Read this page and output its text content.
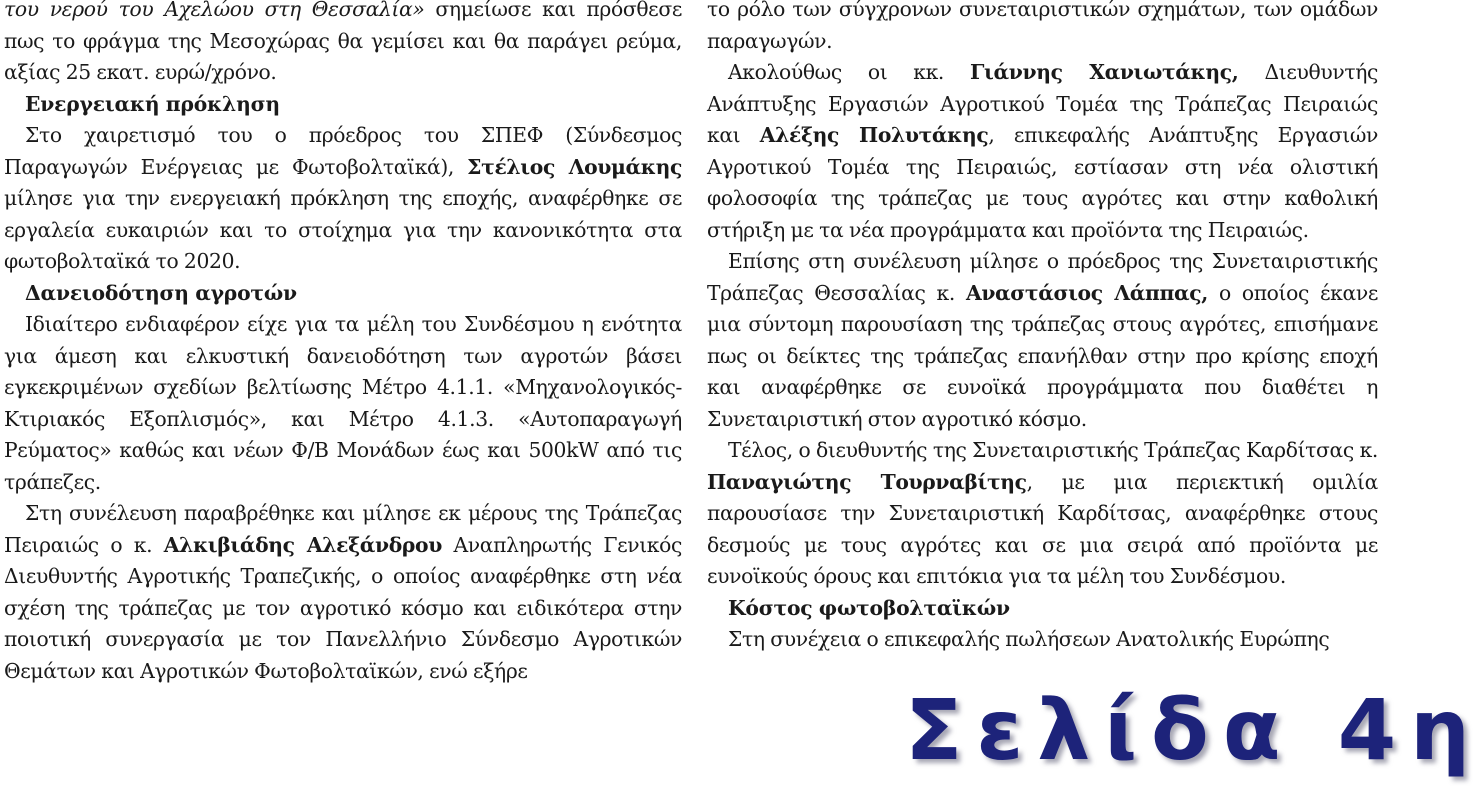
του νερού του Αχελώου στη Θεσσαλία» σημείωσε και πρόσθεσε πως το φράγμα της Μεσοχώρας θα γεμίσει και θα παράγει ρεύμα, αξίας 25 εκατ. ευρώ/χρόνο.

Ενεργειακή πρόκληση

Στο χαιρετισμό του ο πρόεδρος του ΣΠΕΦ (Σύνδεσμος Παραγωγών Ενέργειας με Φωτοβολταϊκά), Στέλιος Λουμάκης μίλησε για την ενεργειακή πρόκληση της εποχής, αναφέρθηκε σε εργαλεία ευκαιριών και το στοίχημα για την κανονικότητα στα φωτοβολταϊκά το 2020.

Δανειοδότηση αγροτών

Ιδιαίτερο ενδιαφέρον είχε για τα μέλη του Συνδέσμου η ενότητα για άμεση και ελκυστική δανειοδότηση των αγροτών βάσει εγκεκριμένων σχεδίων βελτίωσης Μέτρο 4.1.1. «Μηχανολογικός- Κτιριακός Εξοπλισμός», και Μέτρο 4.1.3. «Αυτοπαραγωγή Ρεύματος» καθώς και νέων Φ/Β Μονάδων έως και 500kW από τις τράπεζες.

Στη συνέλευση παραβρέθηκε και μίλησε εκ μέρους της Τράπεζας Πειραιώς ο κ. Αλκιβιάδης Αλεξάνδρου Αναπληρωτής Γενικός Διευθυντής Αγροτικής Τραπεζικής, ο οποίος αναφέρθηκε στη νέα σχέση της τράπεζας με τον αγροτικό κόσμο και ειδικότερα στην ποιοτική συνεργασία με τον Πανελλήνιο Σύνδεσμο Αγροτικών Θεμάτων και Αγροτικών Φωτοβολταϊκών, ενώ εξήρε

το ρόλο των σύγχρονων συνεταιριστικών σχημάτων, των ομάδων παραγωγών.

Ακολούθως οι κκ. Γιάννης Χανιωτάκης, Διευθυντής Ανάπτυξης Εργασιών Αγροτικού Τομέα της Τράπεζας Πειραιώς και Αλέξης Πολυτάκης, επικεφαλής Ανάπτυξης Εργασιών Αγροτικού Τομέα της Πειραιώς, εστίασαν στη νέα ολιστική φολοσοφία της τράπεζας με τους αγρότες και στην καθολική στήριξη με τα νέα προγράμματα και προϊόντα της Πειραιώς.

Επίσης στη συνέλευση μίλησε ο πρόεδρος της Συνεταιριστικής Τράπεζας Θεσσαλίας κ. Αναστάσιος Λάππας, ο οποίος έκανε μια σύντομη παρουσίαση της τράπεζας στους αγρότες, επισήμανε πως οι δείκτες της τράπεζας επανήλθαν στην προ κρίσης εποχή και αναφέρθηκε σε ευνοϊκά προγράμματα που διαθέτει η Συνεταιριστική στον αγροτικό κόσμο.

Τέλος, ο διευθυντής της Συνεταιριστικής Τράπεζας Καρδίτσας κ. Παναγιώτης Τουρναβίτης, με μια περιεκτική ομιλία παρουσίασε την Συνεταιριστική Καρδίτσας, αναφέρθηκε στους δεσμούς με τους αγρότες και σε μια σειρά από προϊόντα με ευνοϊκούς όρους και επιτόκια για τα μέλη του Συνδέσμου.

Κόστος φωτοβολταϊκών

Στη συνέχεια ο επικεφαλής πωλήσεων Ανατολικής Ευρώπης

Σελίδα 4η
